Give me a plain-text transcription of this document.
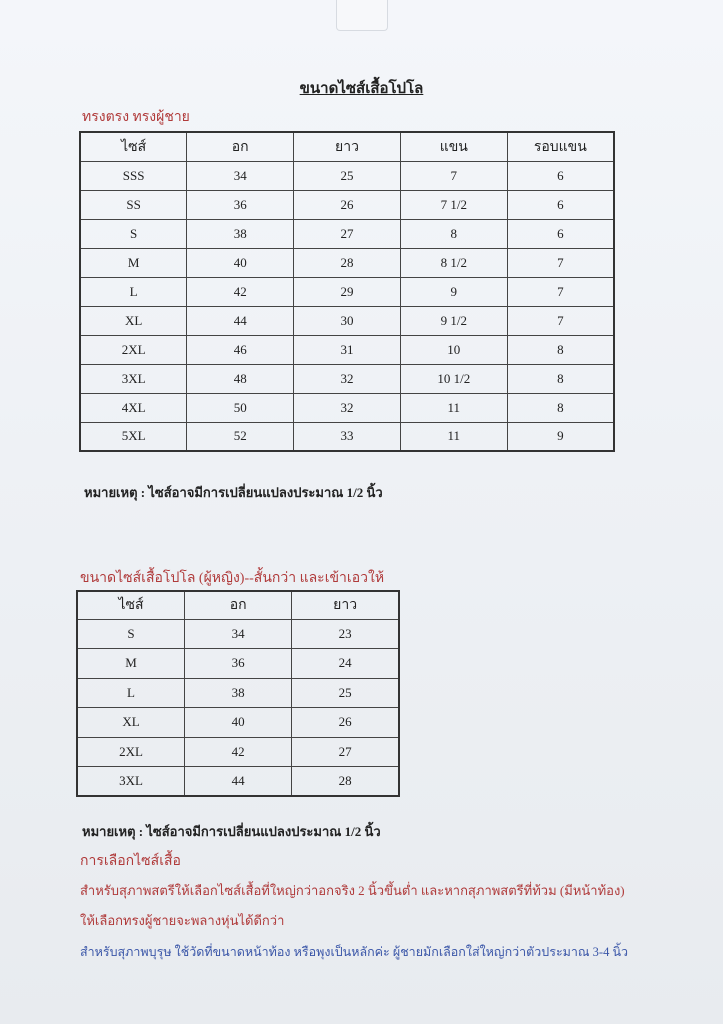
ขนาดไซส์เสื้อโปโล
ทรงตรง ทรงผู้ชาย
ไซส์	อก	ยาว	แขน	รอบแขน
SSS	34	25	7	6
SS	36	26	7 1/2	6
S	38	27	8	6
M	40	28	8 1/2	7
L	42	29	9	7
XL	44	30	9 1/2	7
2XL	46	31	10	8
3XL	48	32	10 1/2	8
4XL	50	32	11	8
5XL	52	33	11	9
หมายเหตุ : ไซส์อาจมีการเปลี่ยนแปลงประมาณ 1/2 นิ้ว
ขนาดไซส์เสื้อโปโล (ผู้หญิง)--สั้นกว่า และเข้าเอวให้
ไซส์	อก	ยาว
S	34	23
M	36	24
L	38	25
XL	40	26
2XL	42	27
3XL	44	28
หมายเหตุ : ไซส์อาจมีการเปลี่ยนแปลงประมาณ 1/2 นิ้ว
การเลือกไซส์เสื้อ
สำหรับสุภาพสตรีให้เลือกไซส์เสื้อที่ใหญ่กว่าอกจริง 2 นิ้วขึ้นต่ำ และหากสุภาพสตรีที่ท้วม (มีหน้าท้อง)
ให้เลือกทรงผู้ชายจะพลางหุ่นได้ดีกว่า
สำหรับสุภาพบุรุษ ใช้วัดที่ขนาดหน้าท้อง หรือพุงเป็นหลักค่ะ ผู้ชายมักเลือกใส่ใหญ่กว่าตัวประมาณ 3-4 นิ้ว
